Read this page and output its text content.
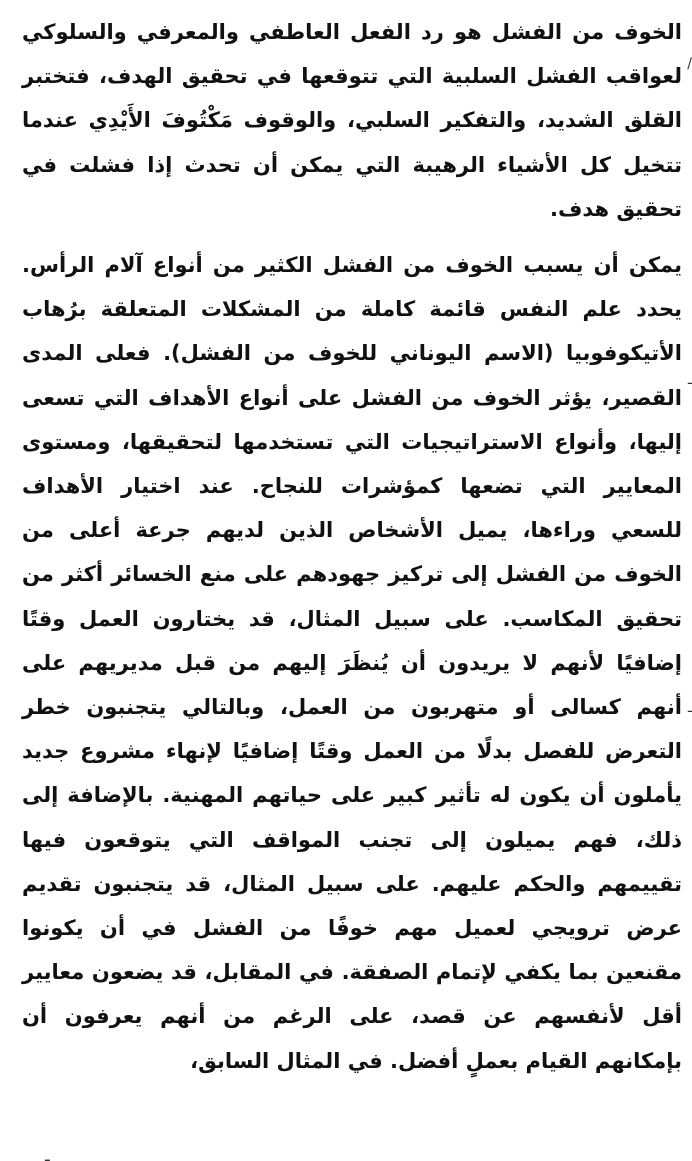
الخوف من الفشل هو رد الفعل العاطفي والمعرفي والسلوكي لعواقب الفشل السلبية التي تتوقعها في تحقيق الهدف، فتختبر القلق الشديد، والتفكير السلبي، والوقوف مَكْتُوفَ الأَيْدِي عندما تتخيل كل الأشياء الرهيبة التي يمكن أن تحدث إذا فشلت في تحقيق هدف.

يمكن أن يسبب الخوف من الفشل الكثير من أنواع آلام الرأس. يحدد علم النفس قائمة كاملة من المشكلات المتعلقة برُهاب الأتيكوفوبيا (الاسم اليوناني للخوف من الفشل). فعلى المدى القصير، يؤثر الخوف من الفشل على أنواع الأهداف التي تسعى إليها، وأنواع الاستراتيجيات التي تستخدمها لتحقيقها، ومستوى المعايير التي تضعها كمؤشرات للنجاح. عند اختيار الأهداف للسعي وراءها، يميل الأشخاص الذين لديهم جرعة أعلى من الخوف من الفشل إلى تركيز جهودهم على منع الخسائر أكثر من تحقيق المكاسب. على سبيل المثال، قد يختارون العمل وقتًا إضافيًا لأنهم لا يريدون أن يُنظَرَ إليهم من قبل مديريهم على أنهم كسالى أو متهربون من العمل، وبالتالي يتجنبون خطر التعرض للفصل بدلًا من العمل وقتًا إضافيًا لإنهاء مشروع جديد يأملون أن يكون له تأثير كبير على حياتهم المهنية. بالإضافة إلى ذلك، فهم يميلون إلى تجنب المواقف التي يتوقعون فيها تقييمهم والحكم عليهم. على سبيل المثال، قد يتجنبون تقديم عرض ترويجي لعميل مهم خوفًا من الفشل في أن يكونوا مقنعين بما يكفي لإتمام الصفقة. في المقابل، قد يضعون معايير أقل لأنفسهم عن قصد، على الرغم من أنهم يعرفون أن بإمكانهم القيام بعملٍ أفضل. في المثال السابق،

/
ـ
ـ
ـ
